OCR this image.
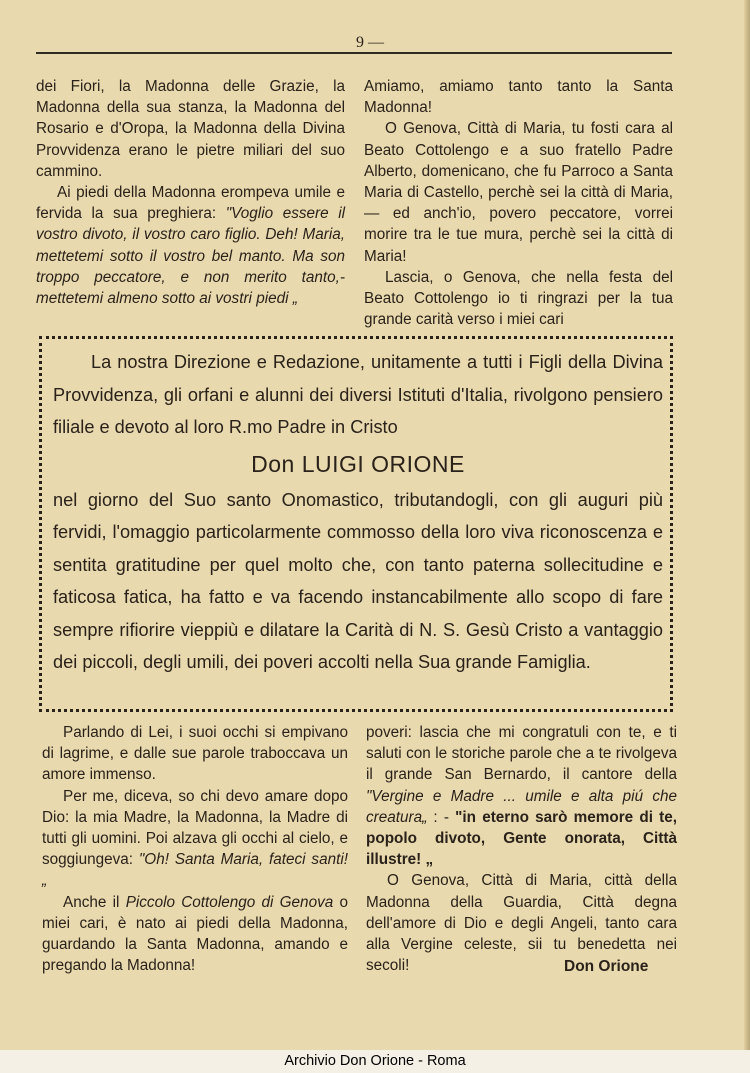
9 —

dei Fiori, la Madonna delle Grazie, la Madonna della sua stanza, la Madonna del Rosario e d'Oropa, la Madonna della Divina Provvidenza erano le pietre miliari del suo cammino.

Ai piedi della Madonna erompeva umile e fervida la sua preghiera: "Voglio essere il vostro divoto, il vostro caro figlio. Deh! Maria, mettetemi sotto il vostro bel manto. Ma son troppo peccatore, e non merito tanto,- mettetemi almeno sotto ai vostri piedi „

Amiamo, amiamo tanto tanto la Santa Madonna!

O Genova, Città di Maria, tu fosti cara al Beato Cottolengo e a suo fratello Padre Alberto, domenicano, che fu Parroco a Santa Maria di Castello, perchè sei la città di Maria, — ed anch'io, povero peccatore, vorrei morire tra le tue mura, perchè sei la città di Maria!

Lascia, o Genova, che nella festa del Beato Cottolengo io ti ringrazi per la tua grande carità verso i miei cari

La nostra Direzione e Redazione, unitamente a tutti i Figli della Divina Provvidenza, gli orfani e alunni dei diversi Istituti d'Italia, rivolgono pensiero filiale e devoto al loro R.mo Padre in Cristo

Don LUIGI ORIONE

nel giorno del Suo santo Onomastico, tributandogli, con gli auguri più fervidi, l'omaggio particolarmente commosso della loro viva riconoscenza e sentita gratitudine per quel molto che, con tanto paterna sollecitudine e faticosa fatica, ha fatto e va facendo instancabilmente allo scopo di fare sempre rifiorire vieppiù e dilatare la Carità di N. S. Gesù Cristo a vantaggio dei piccoli, degli umili, dei poveri accolti nella Sua grande Famiglia.

Parlando di Lei, i suoi occhi si empivano di lagrime, e dalle sue parole traboccava un amore immenso.

Per me, diceva, so chi devo amare dopo Dio: la mia Madre, la Madonna, la Madre di tutti gli uomini. Poi alzava gli occhi al cielo, e soggiungeva: "Oh! Santa Maria, fateci santi! „

Anche il Piccolo Cottolengo di Genova o miei cari, è nato ai piedi della Madonna, guardando la Santa Madonna, amando e pregando la Madonna!

poveri: lascia che mi congratuli con te, e ti saluti con le storiche parole che a te rivolgeva il grande San Bernardo, il cantore della "Vergine e Madre ... umile e alta piú che creatura„ : - "in eterno sarò memore di te, popolo divoto, Gente onorata, Città illustre! „

O Genova, Città di Maria, città della Madonna della Guardia, Città degna dell'amore di Dio e degli Angeli, tanto cara alla Vergine celeste, sii tu benedetta nei secoli!	Don Orione
Archivio Don Orione - Roma
